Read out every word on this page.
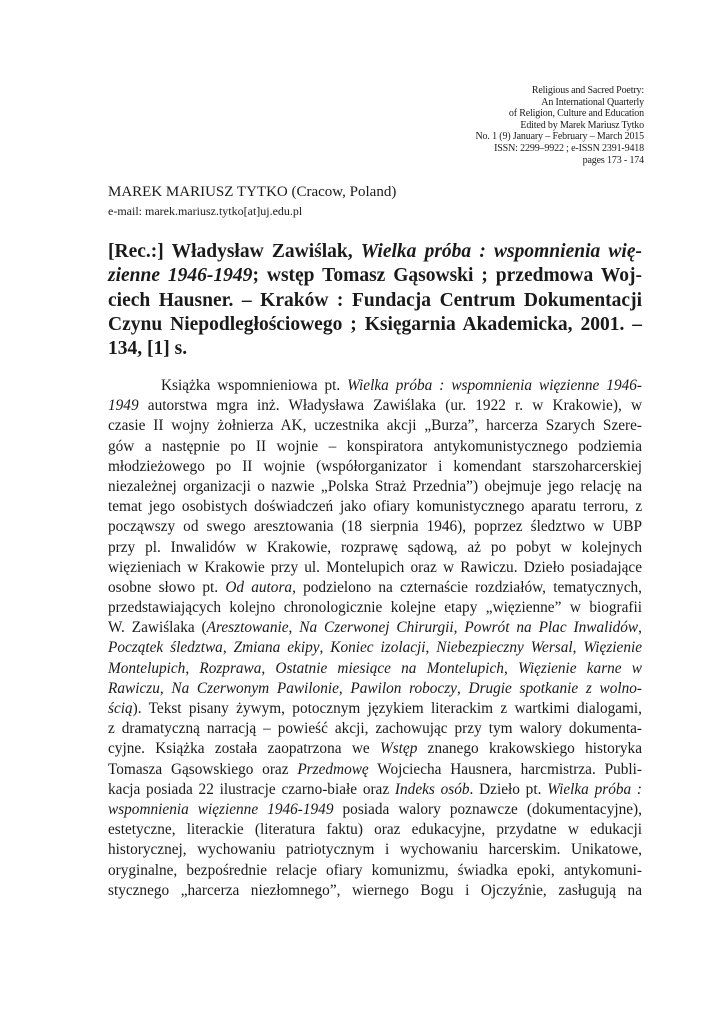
Religious and Sacred Poetry:
An International Quarterly
of Religion, Culture and Education
Edited by Marek Mariusz Tytko
No. 1 (9) January – February – March 2015
ISSN: 2299–9922 ; e-ISSN 2391-9418
pages 173 - 174
MAREK MARIUSZ TYTKO (Cracow, Poland)
e-mail: marek.mariusz.tytko[at]uj.edu.pl
[Rec.:] Władysław Zawiślak, Wielka próba : wspomnienia wię-
zienne 1946-1949; wstęp Tomasz Gąsowski ; przedmowa Woj-
ciech Hausner. – Kraków : Fundacja Centrum Dokumentacji
Czynu Niepodległościowego ; Księgarnia Akademicka, 2001. –
134, [1] s.
Książka wspomnieniowa pt. Wielka próba : wspomnienia więzienne 1946-
1949 autorstwa mgra inż. Władysława Zawiślaka (ur. 1922 r. w Krakowie), w
czasie II wojny żołnierza AK, uczestnika akcji „Burza”, harcerza Szarych Szere-
gów a następnie po II wojnie – konspiratora antykomunistycznego podziemia
młodzieżowego po II wojnie (współorganizator i komendant starszoharcerskiej
niezależnej organizacji o nazwie „Polska Straż Przednia”) obejmuje jego relację na
temat jego osobistych doświadczeń jako ofiary komunistycznego aparatu terroru, z
począwszy od swego aresztowania (18 sierpnia 1946), poprzez śledztwo w UBP
przy pl. Inwalidów w Krakowie, rozprawę sądową, aż po pobyt w kolejnych
więzieniach w Krakowie przy ul. Montelupich oraz w Rawiczu. Dzieło posiadające
osobne słowo pt. Od autora, podzielono na czternaście rozdziałów, tematycznych,
przedstawiających kolejno chronologicznie kolejne etapy „więzienne” w biografii
W. Zawiślaka (Aresztowanie, Na Czerwonej Chirurgii, Powrót na Plac Inwalidów,
Początek śledztwa, Zmiana ekipy, Koniec izolacji, Niebezpieczny Wersal, Więzienie
Montelupich, Rozprawa, Ostatnie miesiące na Montelupich, Więzienie karne w
Rawiczu, Na Czerwonym Pawilonie, Pawilon roboczy, Drugie spotkanie z wolno-
ścią). Tekst pisany żywym, potocznym językiem literackim z wartkimi dialogami,
z dramatyczną narracją – powieść akcji, zachowując przy tym walory dokumenta-
cyjne. Książka została zaopatrzona we Wstęp znanego krakowskiego historyka
Tomasza Gąsowskiego oraz Przedmowę Wojciecha Hausnera, harcmistrza. Publi-
kacja posiada 22 ilustracje czarno-białe oraz Indeks osób. Dzieło pt. Wielka próba :
wspomnienia więzienne 1946-1949 posiada walory poznawcze (dokumentacyjne),
estetyczne, literackie (literatura faktu) oraz edukacyjne, przydatne w edukacji
historycznej, wychowaniu patriotycznym i wychowaniu harcerskim. Unikatowe,
oryginalne, bezpośrednie relacje ofiary komunizmu, świadka epoki, antykomuni-
stycznego „harcerza niezłomnego”, wiernego Bogu i Ojczyźnie, zasługują na
